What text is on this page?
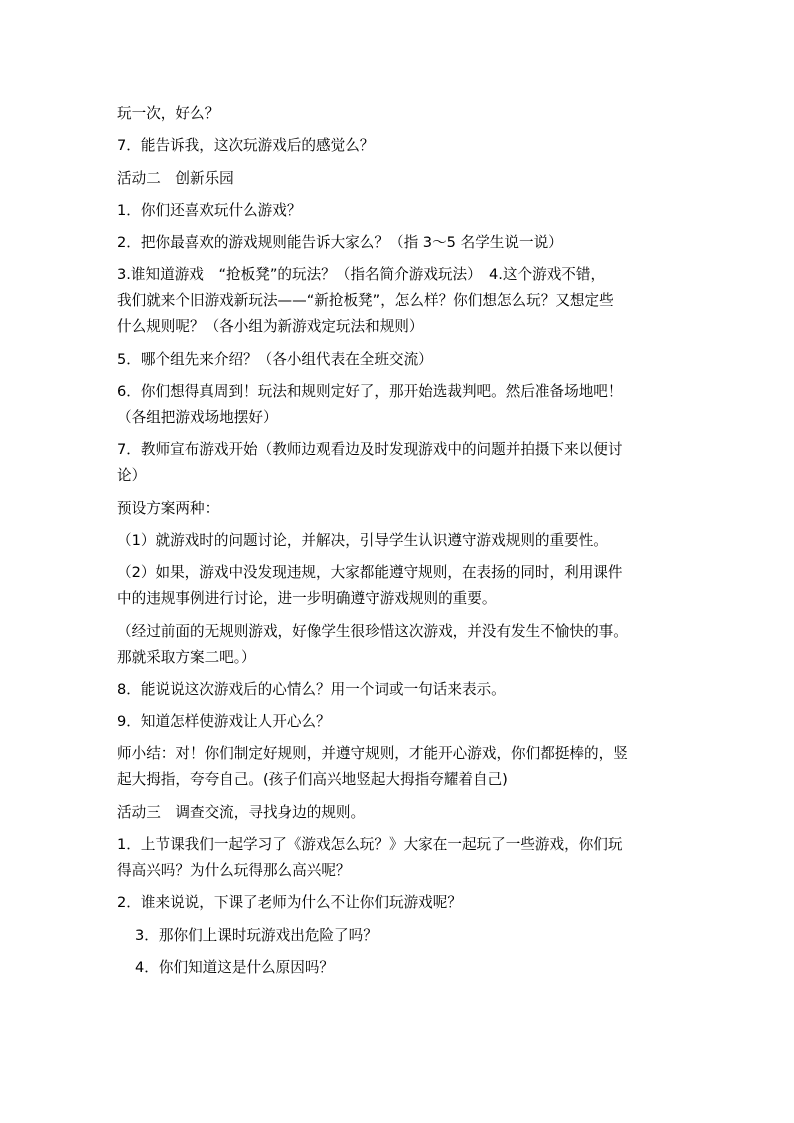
玩一次，好么？
7．能告诉我，这次玩游戏后的感觉么？
活动二　创新乐园
1．你们还喜欢玩什么游戏？
2．把你最喜欢的游戏规则能告诉大家么？（指 3～5 名学生说一说）
3.谁知道游戏　“抢板凳”的玩法？（指名简介游戏玩法）　4.这个游戏不错，
我们就来个旧游戏新玩法——“新抢板凳”，怎么样？你们想怎么玩？又想定些
什么规则呢？（各小组为新游戏定玩法和规则）
5．哪个组先来介绍？（各小组代表在全班交流）
6．你们想得真周到！玩法和规则定好了，那开始选裁判吧。然后准备场地吧！
（各组把游戏场地摆好）
7．教师宣布游戏开始（教师边观看边及时发现游戏中的问题并拍摄下来以便讨
论）
预设方案两种：
（1）就游戏时的问题讨论，并解决，引导学生认识遵守游戏规则的重要性。
（2）如果，游戏中没发现违规，大家都能遵守规则，在表扬的同时，利用课件
中的违规事例进行讨论，进一步明确遵守游戏规则的重要。
（经过前面的无规则游戏，好像学生很珍惜这次游戏，并没有发生不愉快的事。
那就采取方案二吧。）
8．能说说这次游戏后的心情么？用一个词或一句话来表示。
9．知道怎样使游戏让人开心么？
师小结：对！你们制定好规则，并遵守规则，才能开心游戏，你们都挺棒的，竖
起大拇指，夸夸自己。(孩子们高兴地竖起大拇指夸耀着自己)
活动三　调查交流，寻找身边的规则。
1．上节课我们一起学习了《游戏怎么玩？》大家在一起玩了一些游戏，你们玩
得高兴吗？为什么玩得那么高兴呢？
2．谁来说说，下课了老师为什么不让你们玩游戏呢？
3．那你们上课时玩游戏出危险了吗？
4．你们知道这是什么原因吗？
